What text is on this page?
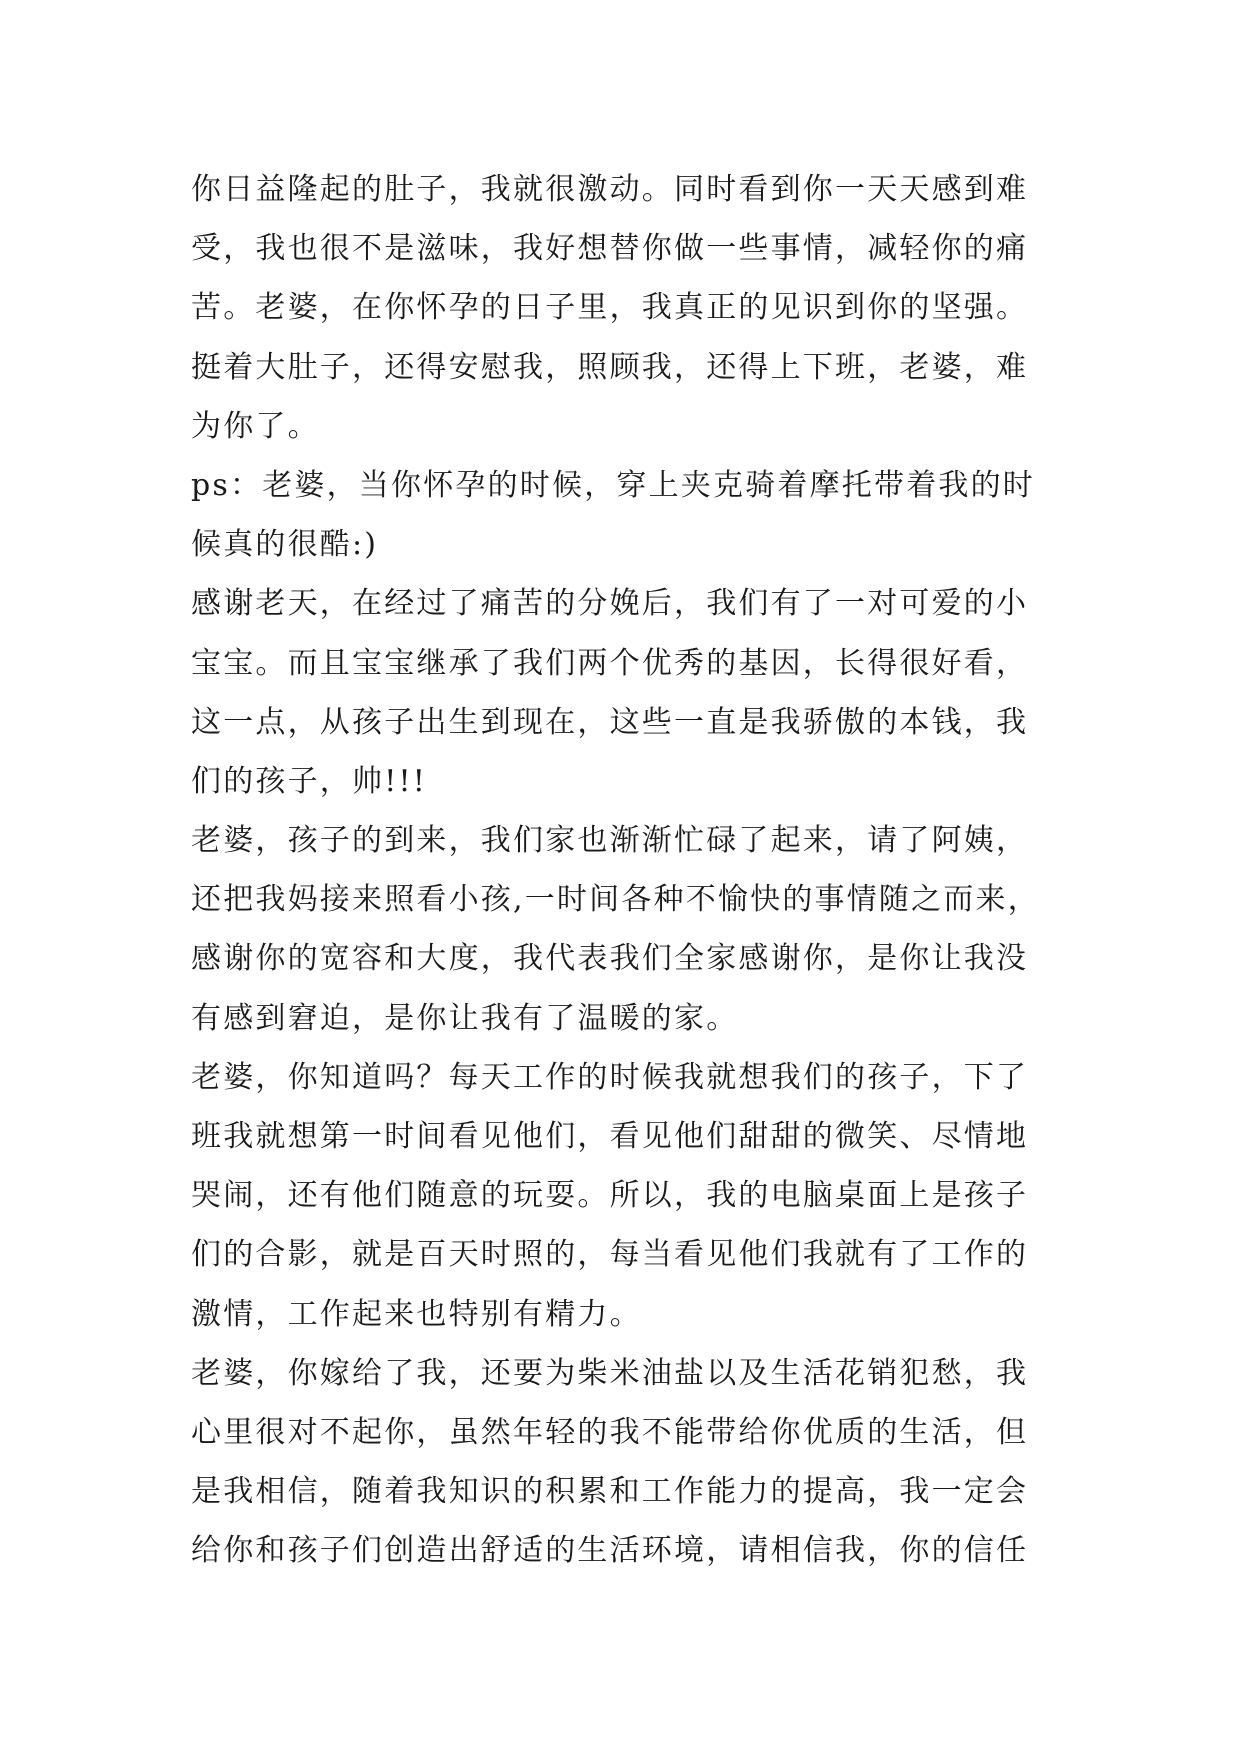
你日益隆起的肚子，我就很激动。同时看到你一天天感到难
受，我也很不是滋味，我好想替你做一些事情，减轻你的痛
苦。老婆，在你怀孕的日子里，我真正的见识到你的坚强。
挺着大肚子，还得安慰我，照顾我，还得上下班，老婆，难
为你了。
ps：老婆，当你怀孕的时候，穿上夹克骑着摩托带着我的时
候真的很酷:)
感谢老天，在经过了痛苦的分娩后，我们有了一对可爱的小
宝宝。而且宝宝继承了我们两个优秀的基因，长得很好看，
这一点，从孩子出生到现在，这些一直是我骄傲的本钱，我
们的孩子，帅!!!
老婆，孩子的到来，我们家也渐渐忙碌了起来，请了阿姨，
还把我妈接来照看小孩,一时间各种不愉快的事情随之而来，
感谢你的宽容和大度，我代表我们全家感谢你，是你让我没
有感到窘迫，是你让我有了温暖的家。
老婆，你知道吗？每天工作的时候我就想我们的孩子，下了
班我就想第一时间看见他们，看见他们甜甜的微笑、尽情地
哭闹，还有他们随意的玩耍。所以，我的电脑桌面上是孩子
们的合影，就是百天时照的，每当看见他们我就有了工作的
激情，工作起来也特别有精力。
老婆，你嫁给了我，还要为柴米油盐以及生活花销犯愁，我
心里很对不起你，虽然年轻的我不能带给你优质的生活，但
是我相信，随着我知识的积累和工作能力的提高，我一定会
给你和孩子们创造出舒适的生活环境，请相信我，你的信任
